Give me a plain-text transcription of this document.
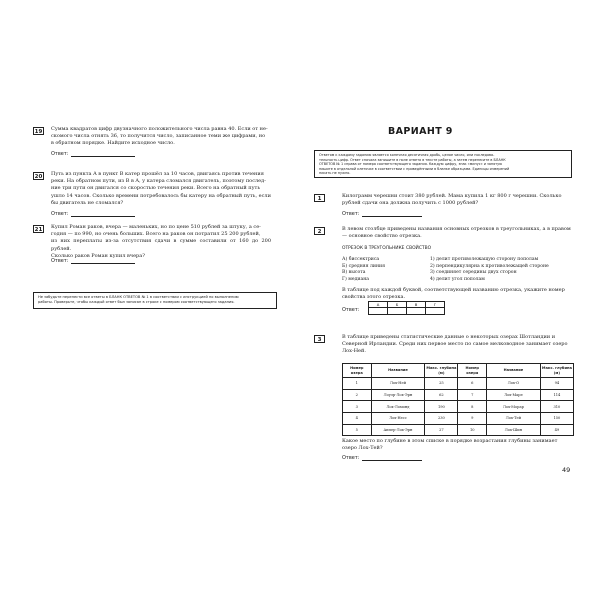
19	Сумма квадратов цифр двузначного положительного числа равна 40. Если от не-
скомого числа отнять 36, то получится число, записанное теми же цифрами, но
в обратном порядке. Найдите исходное число.
Ответ:
20	Путь из пункта A в пункт B катер прошёл за 10 часов, двигаясь против течения
реки. На обратном пути, из B в A, у катера сломался двигатель, поэтому послед-
ние три пути он двигался со скоростью течения реки. Всего на обратный путь
ушло 14 часов. Сколько времени потребовалось бы катеру на обратный путь, если
бы двигатель не сломался?
Ответ:
21	Купил Роман раков, вчера — маленьких, но по цене 510 рублей за штуку, а се-
годня — по 990, но очень больших. Всего на раков он потратил 25 200 рублей,
из них переплаты из-за отсутствия сдачи в сумме составили от 160 до 200 рублей.
Сколько раков Роман купил вчера?
Ответ:
Не забудьте перенести все ответы в БЛАНК ОТВЕТОВ № 1 в соответствии с инструкцией по выполнению
работы. Проверьте, чтобы каждый ответ был записан в строке с номером соответствующего задания.
ВАРИАНТ 9
Ответом к каждому заданию является конечная десятичная дробь, целое число, или последова-
тельность цифр. Ответ сначала запишите в поле ответа в тексте работы, а затем перенесите в БЛАНК
ОТВЕТОВ № 1 справа от номера соответствующего задания. Каждую цифру, знак «минус» и запятую
пишите в отдельной клеточке в соответствии с приведёнными в бланке образцами. Единицы измерений
писать не нужно.
1	Килограмм черешни стоит 380 рублей. Мама купила 1 кг 800 г черешни. Сколько
рублей сдачи она должна получить с 1000 рублей?
Ответ:
2	В левом столбце приведены названия основных отрезков в треугольниках, а в правом
— основное свойство отрезка.
ОТРЕЗОК В ТРЕУГОЛЬНИКЕ СВОЙСТВО
А) биссектриса
Б) средняя линия
В) высота
Г) медиана
1) делит противолежащую сторону пополам
2) перпендикулярна к противолежащей стороне
3) соединяет середины двух сторон
4) делит угол пополам
В таблице под каждой буквой, соответствующей названию отрезка, укажите номер
свойства этого отрезка.
Ответ:
А	Б	В	Г

3	В таблице приведены статистические данные о некоторых озерах Шотландии и
Северной Ирландии. Среди них первое место по самое мелководное занимает озеро
Лох-Ней.
Номер озера	Название	Макс. глубина (м)	Номер озера	Название	Макс. глубина (м)
1	Лох-Ней	25	6	Лох-О	94
2	Лоуэр-Лох-Эрн	62	7	Лох-Маре	114
3	Лох-Ломонд	190	8	Лох-Морар	310
4	Лох-Несс	230	9	Лох-Тей	150
5	Аппер-Лох-Эрн	27	10	Лох-Шин	49
Какое место по глубине в этом списке в порядке возрастания глубины занимает
озеро Лох-Тей?
Ответ:
49
